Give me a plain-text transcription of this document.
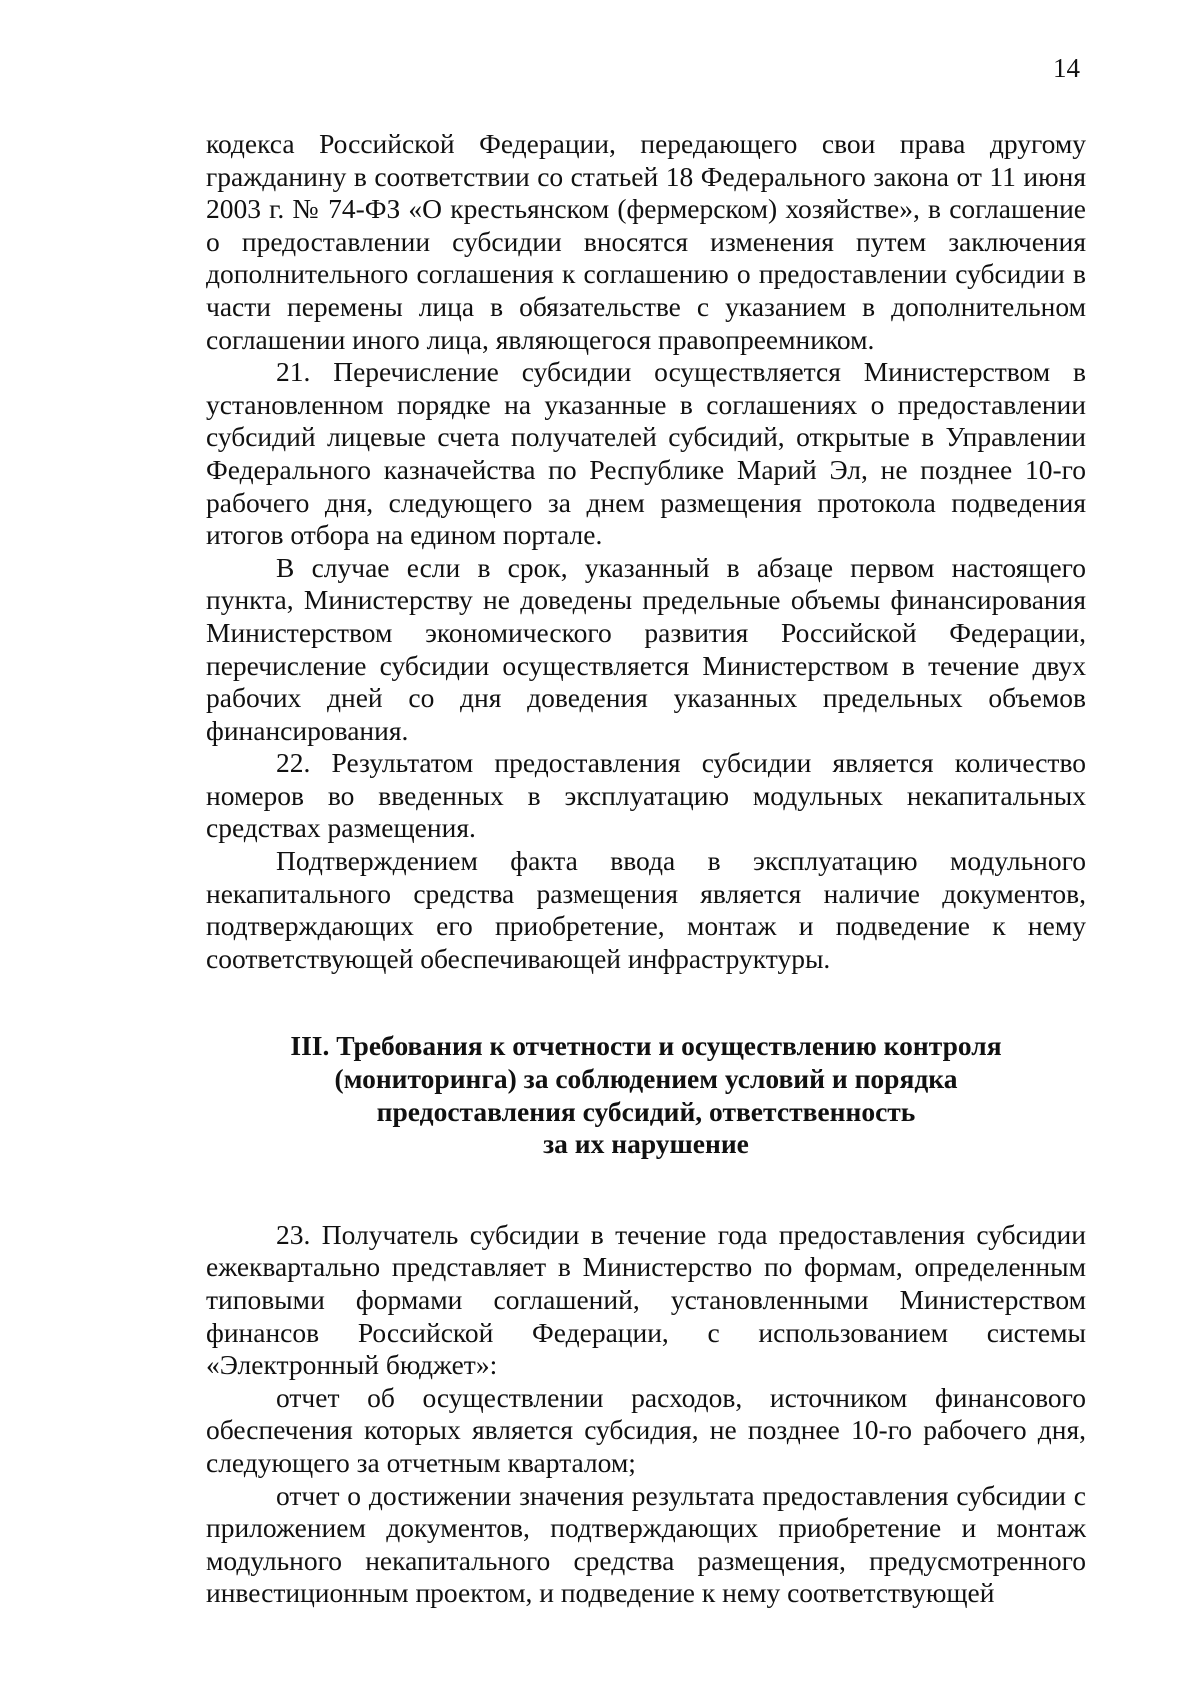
14

кодекса Российской Федерации, передающего свои права другому гражданину в соответствии со статьей 18 Федерального закона от 11 июня 2003 г. № 74-ФЗ «О крестьянском (фермерском) хозяйстве», в соглашение о предоставлении субсидии вносятся изменения путем заключения дополнительного соглашения к соглашению о предоставлении субсидии в части перемены лица в обязательстве с указанием в дополнительном соглашении иного лица, являющегося правопреемником.

21. Перечисление субсидии осуществляется Министерством в установленном порядке на указанные в соглашениях о предоставлении субсидий лицевые счета получателей субсидий, открытые в Управлении Федерального казначейства по Республике Марий Эл, не позднее 10-го рабочего дня, следующего за днем размещения протокола подведения итогов отбора на едином портале.

В случае если в срок, указанный в абзаце первом настоящего пункта, Министерству не доведены предельные объемы финансирования Министерством экономического развития Российской Федерации, перечисление субсидии осуществляется Министерством в течение двух рабочих дней со дня доведения указанных предельных объемов финансирования.

22. Результатом предоставления субсидии является количество номеров во введенных в эксплуатацию модульных некапитальных средствах размещения.

Подтверждением факта ввода в эксплуатацию модульного некапитального средства размещения является наличие документов, подтверждающих его приобретение, монтаж и подведение к нему соответствующей обеспечивающей инфраструктуры.

III. Требования к отчетности и осуществлению контроля
(мониторинга) за соблюдением условий и порядка
предоставления субсидий, ответственность
за их нарушение

23. Получатель субсидии в течение года предоставления субсидии ежеквартально представляет в Министерство по формам, определенным типовыми формами соглашений, установленными Министерством финансов Российской Федерации, с использованием системы «Электронный бюджет»:

отчет об осуществлении расходов, источником финансового обеспечения которых является субсидия, не позднее 10-го рабочего дня, следующего за отчетным кварталом;

отчет о достижении значения результата предоставления субсидии с приложением документов, подтверждающих приобретение и монтаж модульного некапитального средства размещения, предусмотренного инвестиционным проектом, и подведение к нему соответствующей
